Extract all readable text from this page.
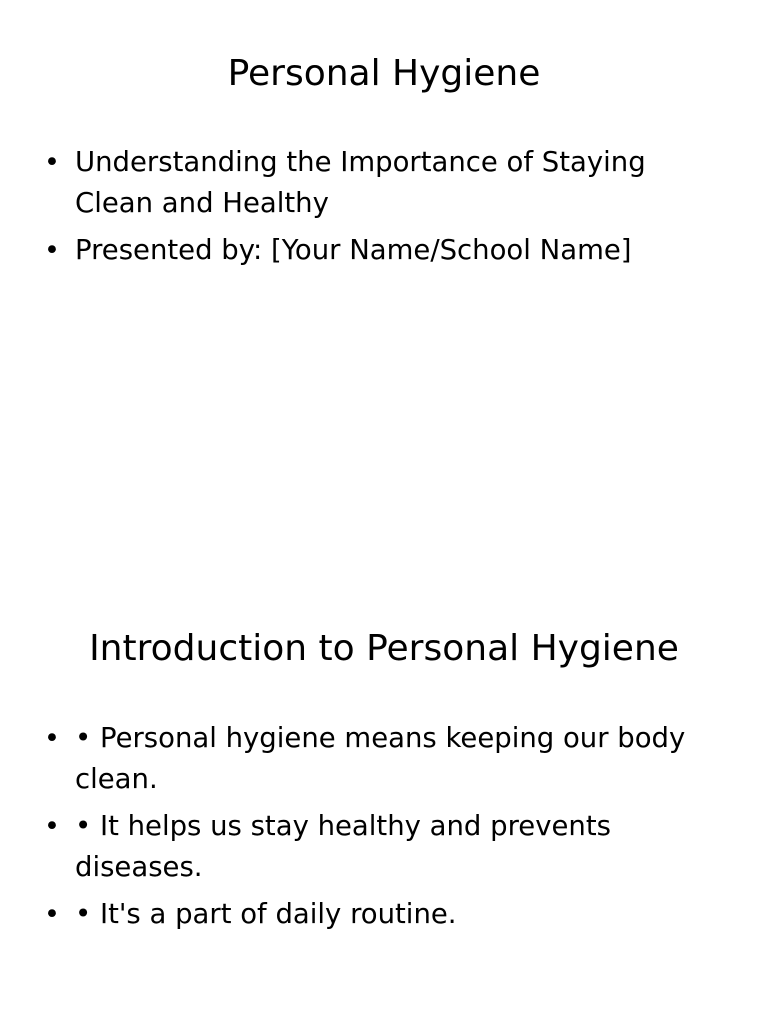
Personal Hygiene
• Understanding the Importance of Staying Clean and Healthy
• Presented by: [Your Name/School Name]
Introduction to Personal Hygiene
• • Personal hygiene means keeping our body clean.
• • It helps us stay healthy and prevents diseases.
• • It's a part of daily routine.
